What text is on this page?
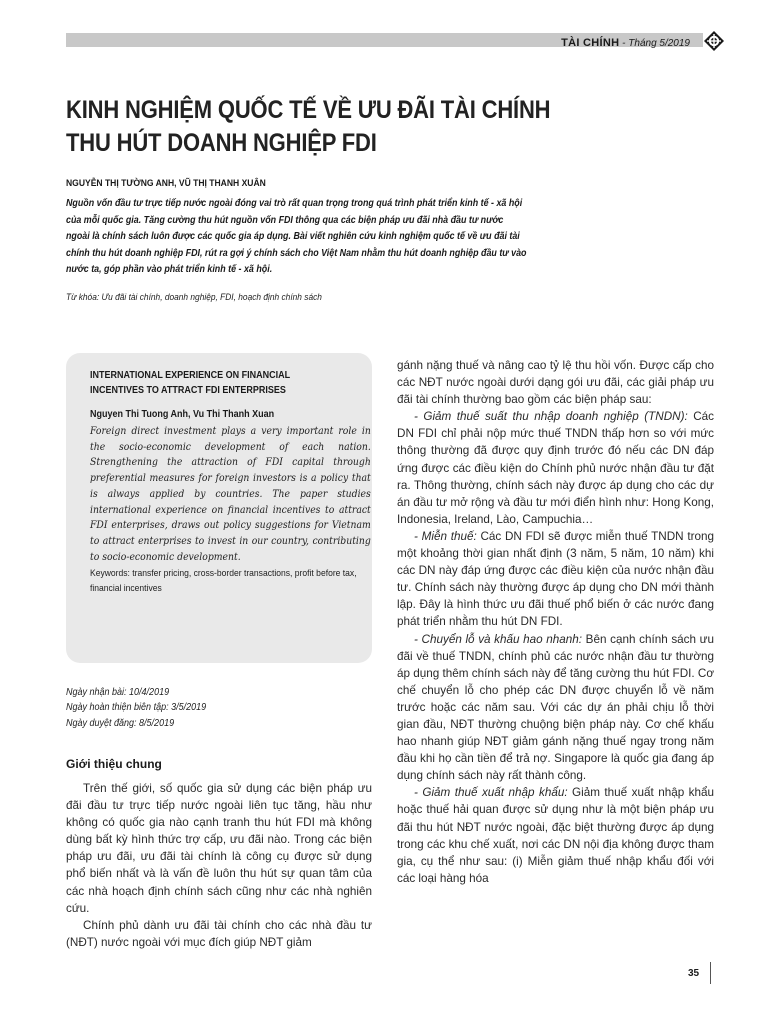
TÀI CHÍNH - Tháng 5/2019
KINH NGHIỆM QUỐC TẾ VỀ ƯU ĐÃI TÀI CHÍNH
THU HÚT DOANH NGHIỆP FDI
NGUYỄN THỊ TƯỜNG ANH, VŨ THỊ THANH XUÂN
Nguồn vốn đầu tư trực tiếp nước ngoài đóng vai trò rất quan trọng trong quá trình phát triển kinh tế - xã hội của mỗi quốc gia. Tăng cường thu hút nguồn vốn FDI thông qua các biện pháp ưu đãi nhà đầu tư nước ngoài là chính sách luôn được các quốc gia áp dụng. Bài viết nghiên cứu kinh nghiệm quốc tế về ưu đãi tài chính thu hút doanh nghiệp FDI, rút ra gợi ý chính sách cho Việt Nam nhằm thu hút doanh nghiệp đầu tư vào nước ta, góp phần vào phát triển kinh tế - xã hội.
Từ khóa: Ưu đãi tài chính, doanh nghiệp, FDI, hoạch định chính sách
INTERNATIONAL EXPERIENCE ON FINANCIAL
INCENTIVES TO ATTRACT FDI ENTERPRISES
Nguyen Thi Tuong Anh, Vu Thi Thanh Xuan
Foreign direct investment plays a very important role in the socio-economic development of each nation. Strengthening the attraction of FDI capital through preferential measures for foreign investors is a policy that is always applied by countries. The paper studies international experience on financial incentives to attract FDI enterprises, draws out policy suggestions for Vietnam to attract enterprises to invest in our country, contributing to socio-economic development.
Keywords: transfer pricing, cross-border transactions, profit before tax, financial incentives
Ngày nhận bài: 10/4/2019
Ngày hoàn thiện biên tập: 3/5/2019
Ngày duyệt đăng: 8/5/2019
Giới thiệu chung

Trên thế giới, số quốc gia sử dụng các biện pháp ưu đãi đầu tư trực tiếp nước ngoài liên tục tăng, hầu như không có quốc gia nào cạnh tranh thu hút FDI mà không dùng bất kỳ hình thức trợ cấp, ưu đãi nào. Trong các biện pháp ưu đãi, ưu đãi tài chính là công cụ được sử dụng phổ biến nhất và là vấn đề luôn thu hút sự quan tâm của các nhà hoạch định chính sách cũng như các nhà nghiên cứu.

Chính phủ dành ưu đãi tài chính cho các nhà đầu tư (NĐT) nước ngoài với mục đích giúp NĐT giảm

gánh nặng thuế và nâng cao tỷ lệ thu hồi vốn. Được cấp cho các NĐT nước ngoài dưới dạng gói ưu đãi, các giải pháp ưu đãi tài chính thường bao gồm các biện pháp sau:

- Giảm thuế suất thu nhập doanh nghiệp (TNDN): Các DN FDI chỉ phải nộp mức thuế TNDN thấp hơn so với mức thông thường đã được quy định trước đó nếu các DN đáp ứng được các điều kiện do Chính phủ nước nhận đầu tư đặt ra. Thông thường, chính sách này được áp dụng cho các dự án đầu tư mở rộng và đầu tư mới điển hình như: Hong Kong, Indonesia, Ireland, Lào, Campuchia…

- Miễn thuế: Các DN FDI sẽ được miễn thuế TNDN trong một khoảng thời gian nhất định (3 năm, 5 năm, 10 năm) khi các DN này đáp ứng được các điều kiện của nước nhận đầu tư. Chính sách này thường được áp dụng cho DN mới thành lập. Đây là hình thức ưu đãi thuế phổ biến ở các nước đang phát triển nhằm thu hút DN FDI.

- Chuyển lỗ và khấu hao nhanh: Bên cạnh chính sách ưu đãi về thuế TNDN, chính phủ các nước nhận đầu tư thường áp dụng thêm chính sách này để tăng cường thu hút FDI. Cơ chế chuyển lỗ cho phép các DN được chuyển lỗ về năm trước hoặc các năm sau. Với các dự án phải chịu lỗ thời gian đầu, NĐT thường chuộng biện pháp này. Cơ chế khấu hao nhanh giúp NĐT giảm gánh nặng thuế ngay trong năm đầu khi họ cần tiền để trả nợ. Singapore là quốc gia đang áp dụng chính sách này rất thành công.

- Giảm thuế xuất nhập khẩu: Giảm thuế xuất nhập khẩu hoặc thuế hải quan được sử dụng như là một biện pháp ưu đãi thu hút NĐT nước ngoài, đặc biệt thường được áp dụng trong các khu chế xuất, nơi các DN nội địa không được tham gia, cụ thể như sau: (i) Miễn giảm thuế nhập khẩu đối với các loại hàng hóa

35
